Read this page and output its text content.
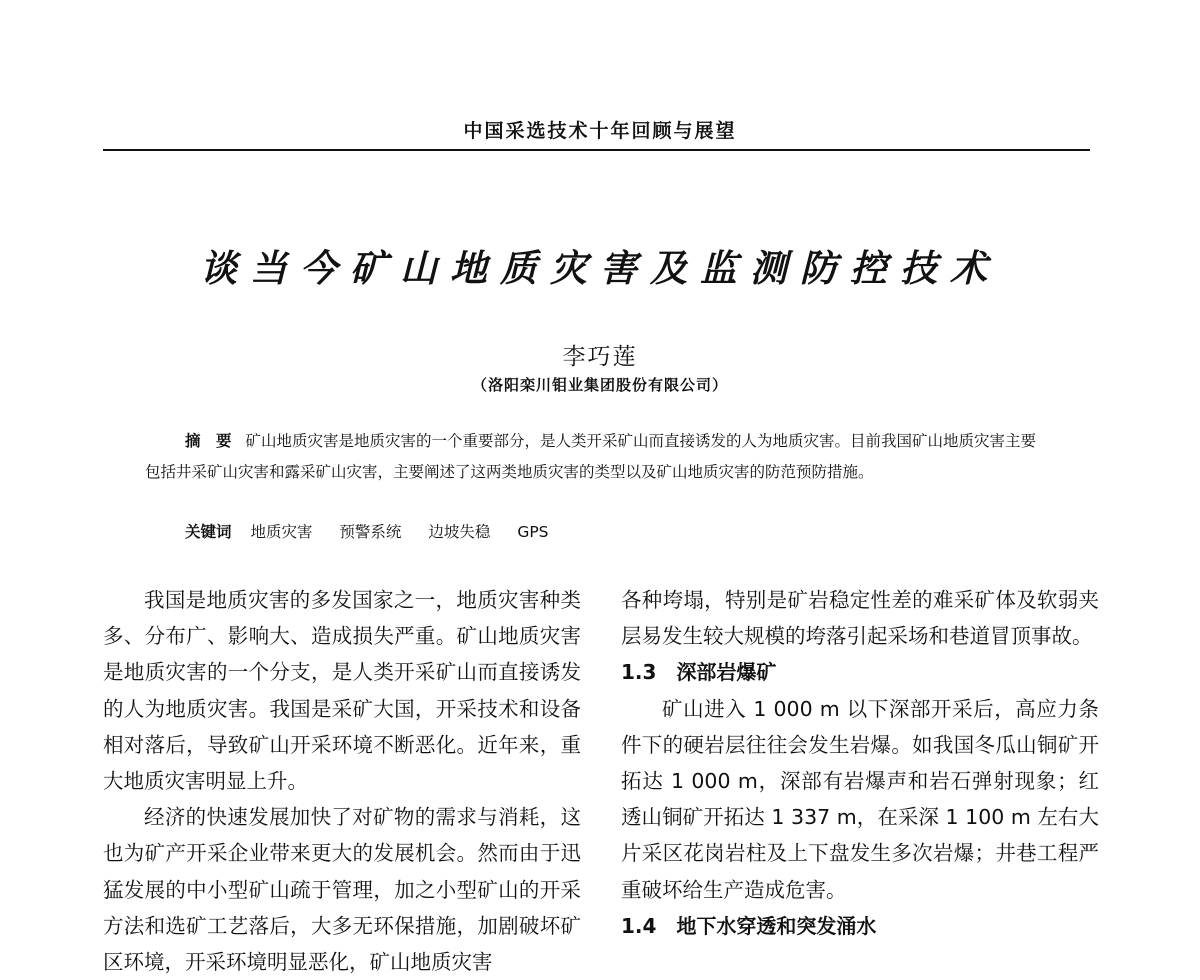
中国采选技术十年回顾与展望
谈当今矿山地质灾害及监测防控技术
李巧莲
（洛阳栾川钼业集团股份有限公司）
摘　要 矿山地质灾害是地质灾害的一个重要部分，是人类开采矿山而直接诱发的人为地质灾害。目前我国矿山地质灾害主要包括井采矿山灾害和露采矿山灾害，主要阐述了这两类地质灾害的类型以及矿山地质灾害的防范预防措施。
关键词 地质灾害 预警系统 边坡失稳 GPS

我国是地质灾害的多发国家之一，地质灾害种类多、分布广、影响大、造成损失严重。矿山地质灾害是地质灾害的一个分支，是人类开采矿山而直接诱发的人为地质灾害。我国是采矿大国，开采技术和设备相对落后，导致矿山开采环境不断恶化。近年来，重大地质灾害明显上升。

经济的快速发展加快了对矿物的需求与消耗，这也为矿产开采企业带来更大的发展机会。然而由于迅猛发展的中小型矿山疏于管理，加之小型矿山的开采方法和选矿工艺落后，大多无环保措施，加剧破坏矿区环境，开采环境明显恶化，矿山地质灾害

各种垮塌，特别是矿岩稳定性差的难采矿体及软弱夹层易发生较大规模的垮落引起采场和巷道冒顶事故。

1.3 深部岩爆矿

矿山进入 1 000 m 以下深部开采后，高应力条件下的硬岩层往往会发生岩爆。如我国冬瓜山铜矿开拓达 1 000 m，深部有岩爆声和岩石弹射现象；红透山铜矿开拓达 1 337 m，在采深 1 100 m 左右大片采区花岗岩柱及上下盘发生多次岩爆；井巷工程严重破坏给生产造成危害。

1.4 地下水穿透和突发涌水
